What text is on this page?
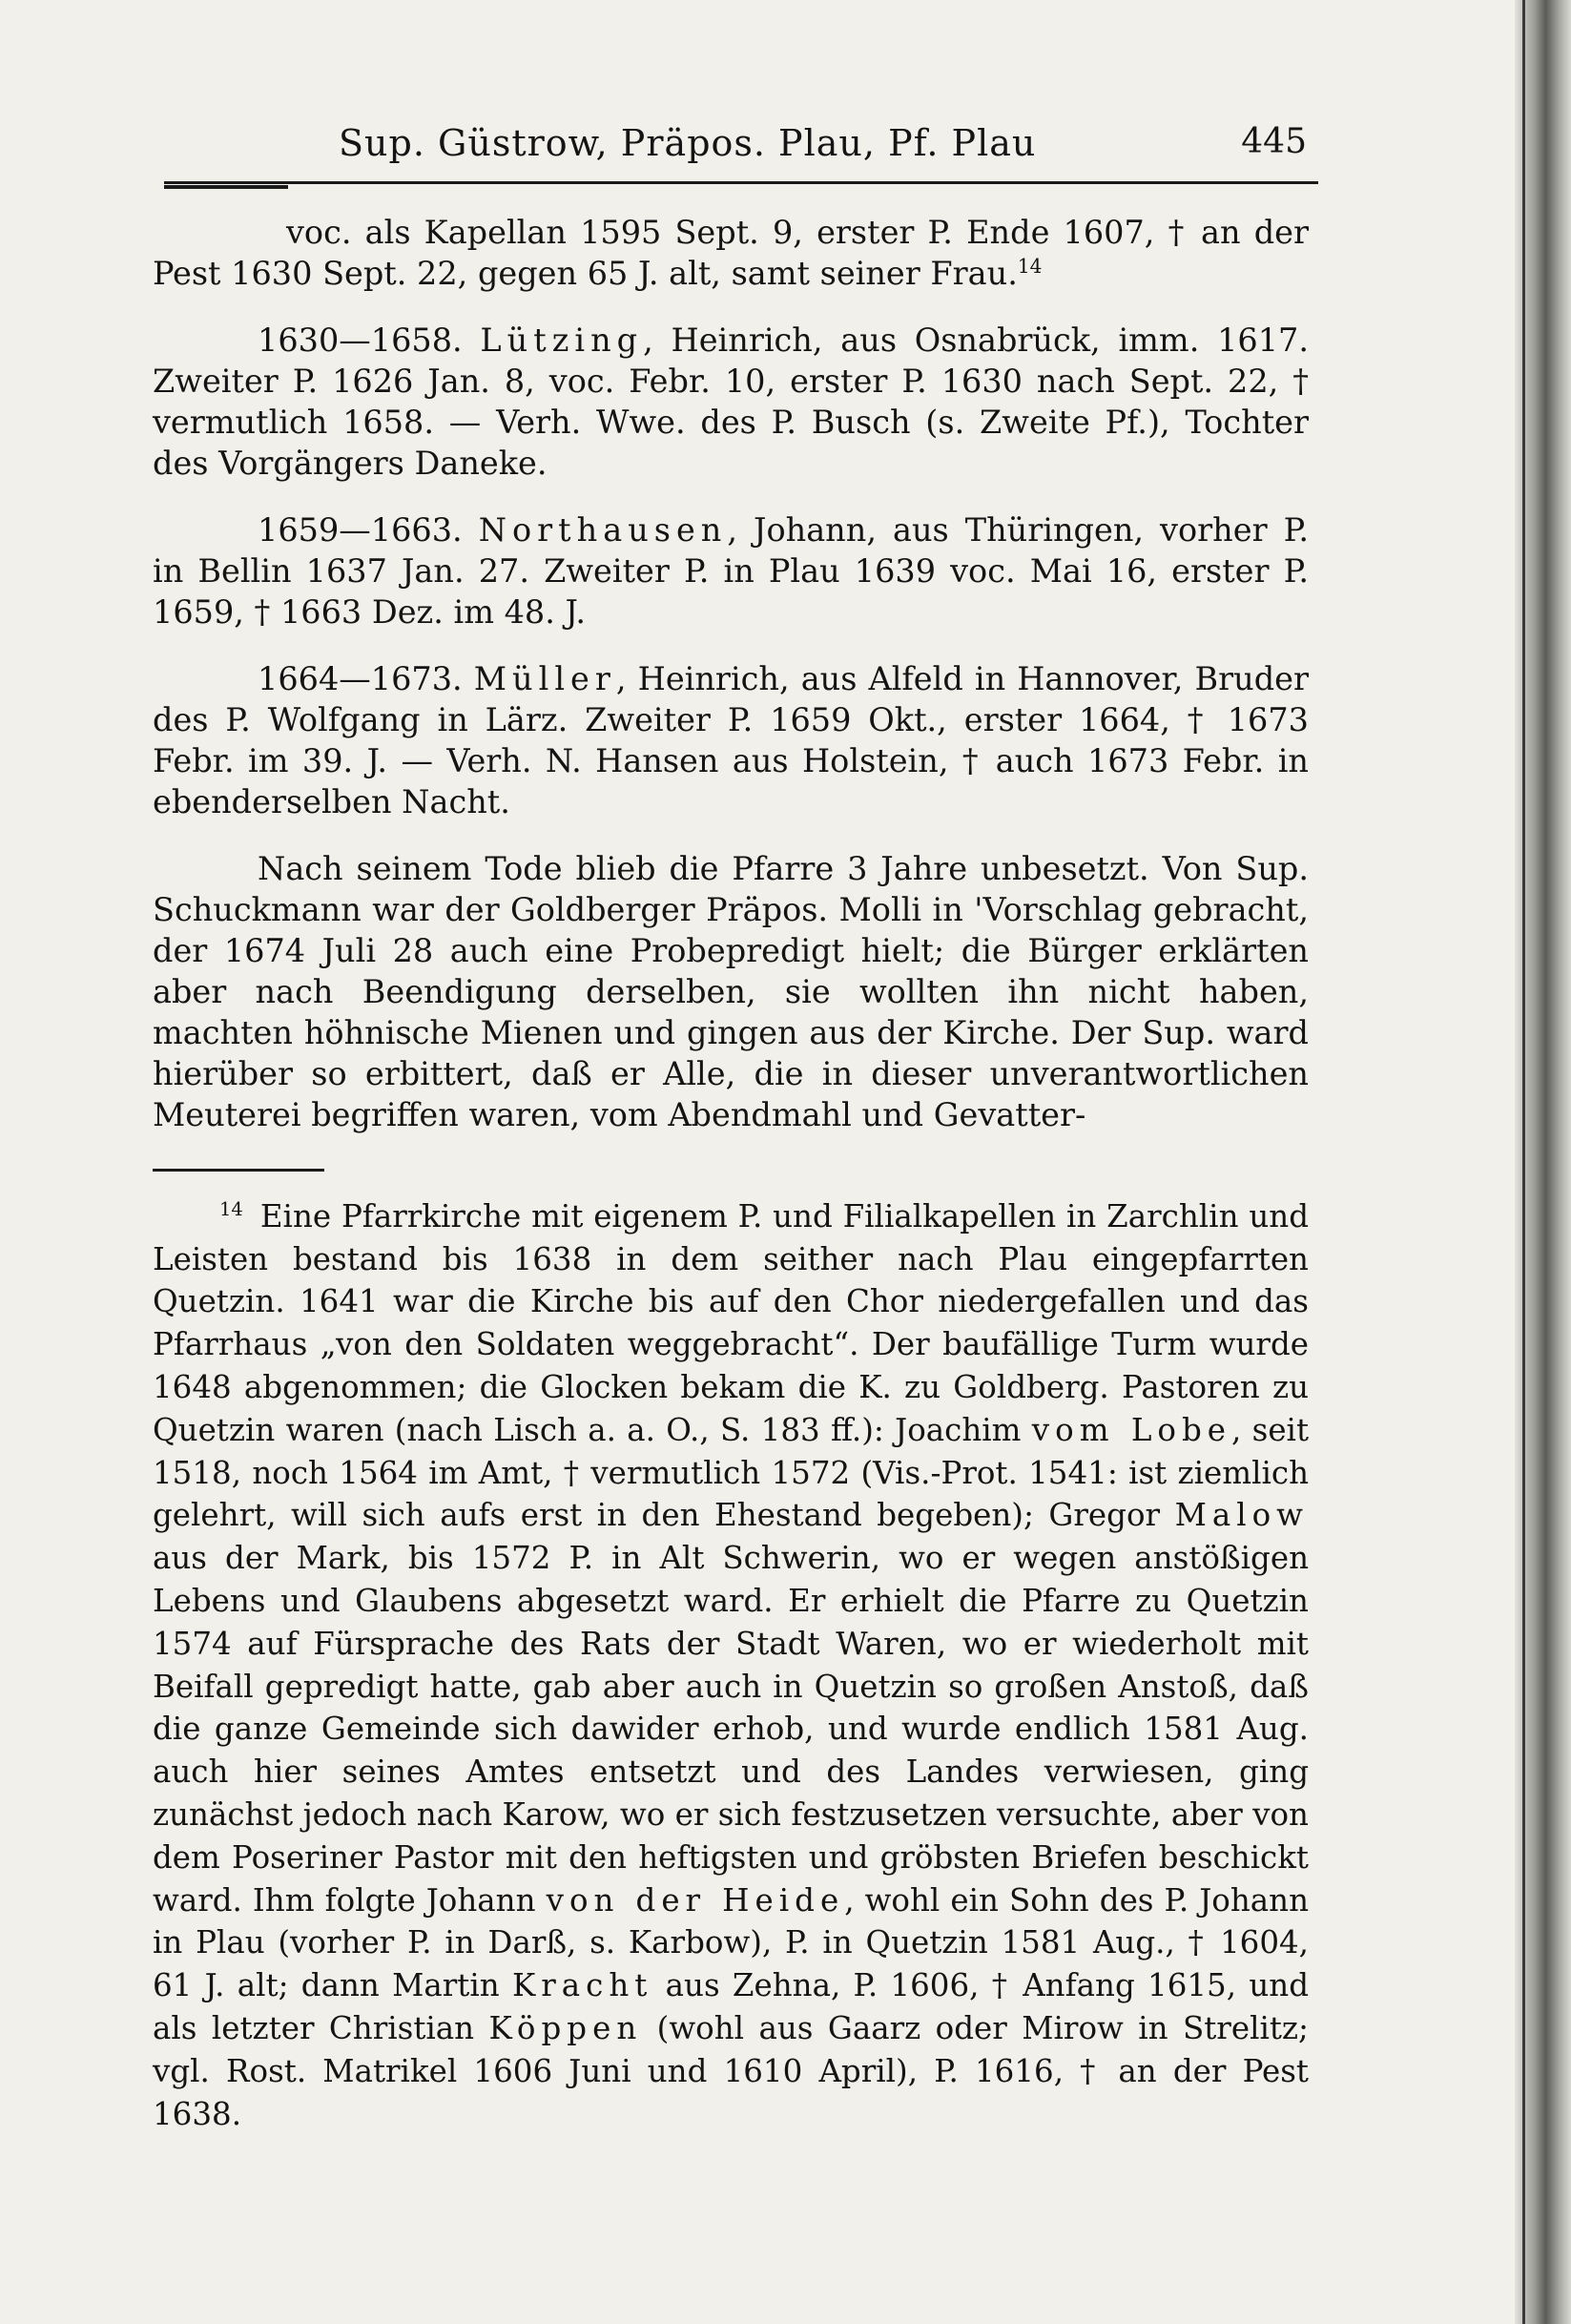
Sup. Güstrow, Präpos. Plau, Pf. Plau	445

voc. als Kapellan 1595 Sept. 9, erster P. Ende 1607, † an der Pest 1630 Sept. 22, gegen 65 J. alt, samt seiner Frau.$^{14}$

1630—1658. Lützing, Heinrich, aus Osnabrück, imm. 1617. Zweiter P. 1626 Jan. 8, voc. Febr. 10, erster P. 1630 nach Sept. 22, † vermutlich 1658. — Verh. Wwe. des P. Busch (s. Zweite Pf.), Tochter des Vorgängers Daneke.

1659—1663. Northausen, Johann, aus Thüringen, vorher P. in Bellin 1637 Jan. 27. Zweiter P. in Plau 1639 voc. Mai 16, erster P. 1659, † 1663 Dez. im 48. J.

1664—1673. Müller, Heinrich, aus Alfeld in Hannover, Bruder des P. Wolfgang in Lärz. Zweiter P. 1659 Okt., erster 1664, † 1673 Febr. im 39. J. — Verh. N. Hansen aus Holstein, † auch 1673 Febr. in ebenderselben Nacht.

Nach seinem Tode blieb die Pfarre 3 Jahre unbesetzt. Von Sup. Schuckmann war der Goldberger Präpos. Molli in 'Vorschlag gebracht, der 1674 Juli 28 auch eine Probepredigt hielt; die Bürger erklärten aber nach Beendigung derselben, sie wollten ihn nicht haben, machten höhnische Mienen und gingen aus der Kirche. Der Sup. ward hierüber so erbittert, daß er Alle, die in dieser unverantwortlichen Meuterei begriffen waren, vom Abendmahl und Gevatter-

$^{14}$ Eine Pfarrkirche mit eigenem P. und Filialkapellen in Zarchlin und Leisten bestand bis 1638 in dem seither nach Plau eingepfarrten Quetzin. 1641 war die Kirche bis auf den Chor niedergefallen und das Pfarrhaus „von den Soldaten weggebracht“. Der baufällige Turm wurde 1648 abgenommen; die Glocken bekam die K. zu Goldberg. Pastoren zu Quetzin waren (nach Lisch a. a. O., S. 183 ff.): Joachim vom Lobe, seit 1518, noch 1564 im Amt, † vermutlich 1572 (Vis.-Prot. 1541: ist ziemlich gelehrt, will sich aufs erst in den Ehestand begeben); Gregor Malow aus der Mark, bis 1572 P. in Alt Schwerin, wo er wegen anstößigen Lebens und Glaubens abgesetzt ward. Er erhielt die Pfarre zu Quetzin 1574 auf Fürsprache des Rats der Stadt Waren, wo er wiederholt mit Beifall gepredigt hatte, gab aber auch in Quetzin so großen Anstoß, daß die ganze Gemeinde sich dawider erhob, und wurde endlich 1581 Aug. auch hier seines Amtes entsetzt und des Landes verwiesen, ging zunächst jedoch nach Karow, wo er sich festzusetzen versuchte, aber von dem Poseriner Pastor mit den heftigsten und gröbsten Briefen beschickt ward. Ihm folgte Johann von der Heide, wohl ein Sohn des P. Johann in Plau (vorher P. in Darß, s. Karbow), P. in Quetzin 1581 Aug., † 1604, 61 J. alt; dann Martin Kracht aus Zehna, P. 1606, † Anfang 1615, und als letzter Christian Köppen (wohl aus Gaarz oder Mirow in Strelitz; vgl. Rost. Matrikel 1606 Juni und 1610 April), P. 1616, † an der Pest 1638.
